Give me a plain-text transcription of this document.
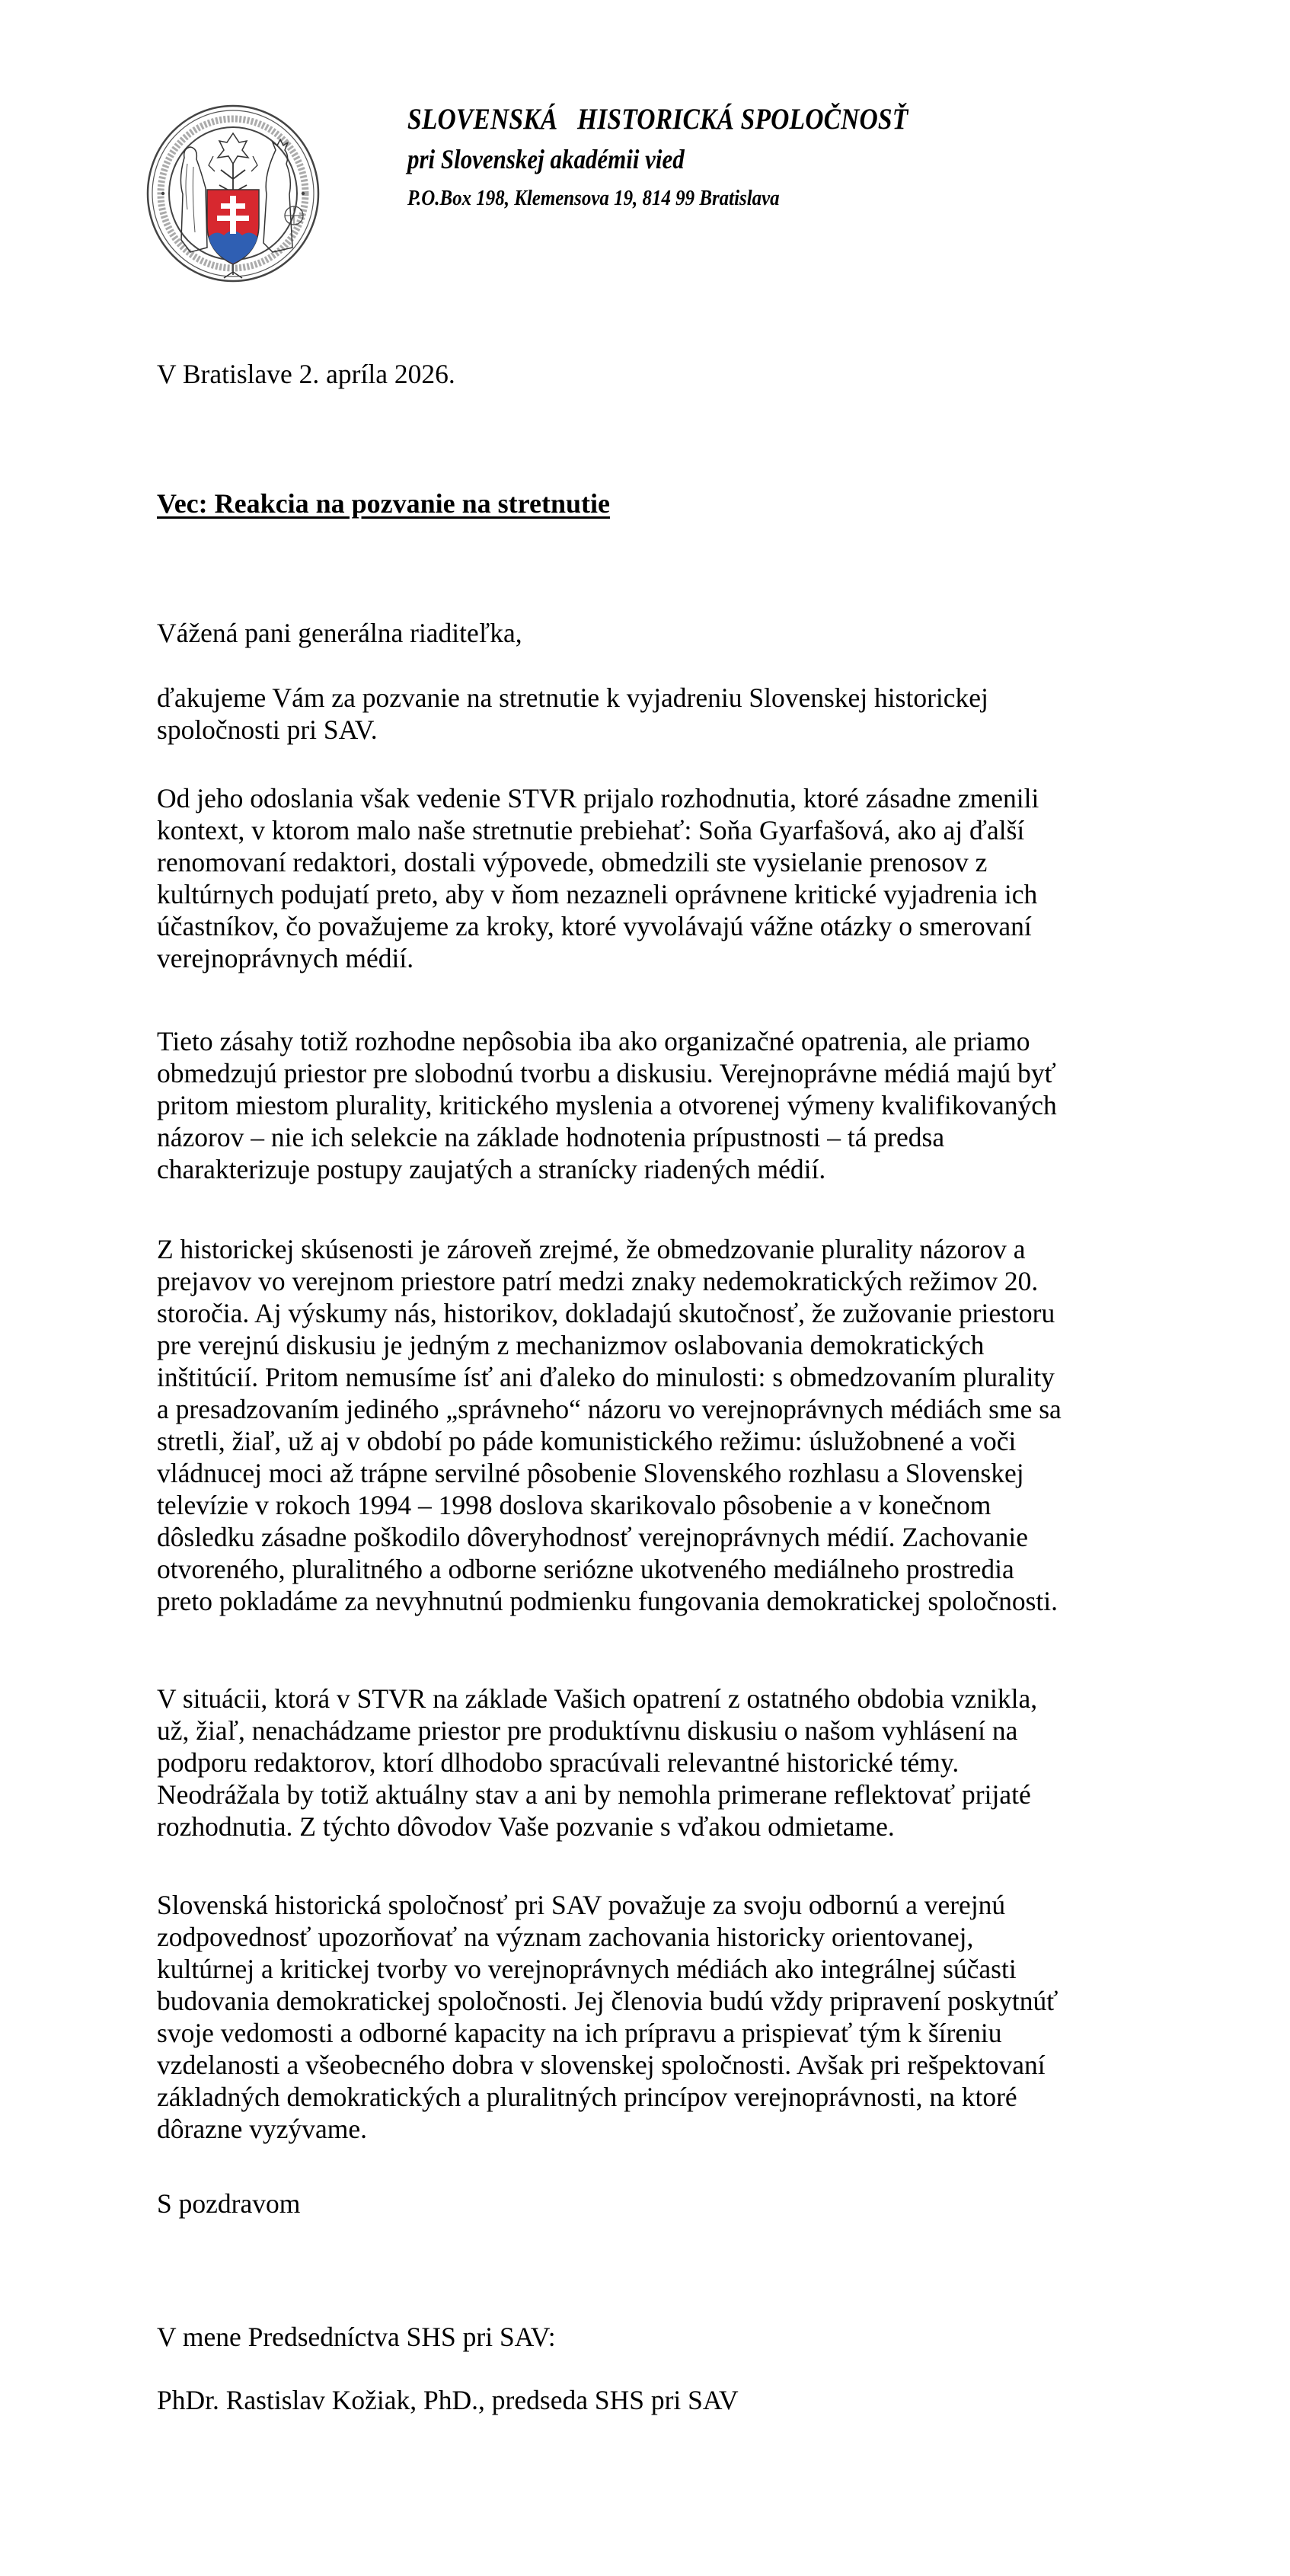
SLOVENSKÁ   HISTORICKÁ SPOLOČNOSŤ
pri Slovenskej akadémii vied
P.O.Box 198, Klemensova 19, 814 99 Bratislava
V Bratislave 2. apríla 2026.
Vec: Reakcia na pozvanie na stretnutie
Vážená pani generálna riaditeľka,
ďakujeme Vám za pozvanie na stretnutie k vyjadreniu Slovenskej historickej
spoločnosti pri SAV.
Od jeho odoslania však vedenie STVR prijalo rozhodnutia, ktoré zásadne zmenili
kontext, v ktorom malo naše stretnutie prebiehať: Soňa Gyarfašová, ako aj ďalší
renomovaní redaktori, dostali výpovede, obmedzili ste vysielanie prenosov z
kultúrnych podujatí preto, aby v ňom nezazneli oprávnene kritické vyjadrenia ich
účastníkov, čo považujeme za kroky, ktoré vyvolávajú vážne otázky o smerovaní
verejnoprávnych médií.
Tieto zásahy totiž rozhodne nepôsobia iba ako organizačné opatrenia, ale priamo
obmedzujú priestor pre slobodnú tvorbu a diskusiu. Verejnoprávne médiá majú byť
pritom miestom plurality, kritického myslenia a otvorenej výmeny kvalifikovaných
názorov – nie ich selekcie na základe hodnotenia prípustnosti – tá predsa
charakterizuje postupy zaujatých a stranícky riadených médií.
Z historickej skúsenosti je zároveň zrejmé, že obmedzovanie plurality názorov a
prejavov vo verejnom priestore patrí medzi znaky nedemokratických režimov 20.
storočia. Aj výskumy nás, historikov, dokladajú skutočnosť, že zužovanie priestoru
pre verejnú diskusiu je jedným z mechanizmov oslabovania demokratických
inštitúcií. Pritom nemusíme ísť ani ďaleko do minulosti: s obmedzovaním plurality
a presadzovaním jediného „správneho“ názoru vo verejnoprávnych médiách sme sa
stretli, žiaľ, už aj v období po páde komunistického režimu: úslužobnené a voči
vládnucej moci až trápne servilné pôsobenie Slovenského rozhlasu a Slovenskej
televízie v rokoch 1994 – 1998 doslova skarikovalo pôsobenie a v konečnom
dôsledku zásadne poškodilo dôveryhodnosť verejnoprávnych médií. Zachovanie
otvoreného, pluralitného a odborne seriózne ukotveného mediálneho prostredia
preto pokladáme za nevyhnutnú podmienku fungovania demokratickej spoločnosti.
V situácii, ktorá v STVR na základe Vašich opatrení z ostatného obdobia vznikla,
už, žiaľ, nenachádzame priestor pre produktívnu diskusiu o našom vyhlásení na
podporu redaktorov, ktorí dlhodobo spracúvali relevantné historické témy.
Neodrážala by totiž aktuálny stav a ani by nemohla primerane reflektovať prijaté
rozhodnutia. Z týchto dôvodov Vaše pozvanie s vďakou odmietame.
Slovenská historická spoločnosť pri SAV považuje za svoju odbornú a verejnú
zodpovednosť upozorňovať na význam zachovania historicky orientovanej,
kultúrnej a kritickej tvorby vo verejnoprávnych médiách ako integrálnej súčasti
budovania demokratickej spoločnosti. Jej členovia budú vždy pripravení poskytnúť
svoje vedomosti a odborné kapacity na ich prípravu a prispievať tým k šíreniu
vzdelanosti a všeobecného dobra v slovenskej spoločnosti. Avšak pri rešpektovaní
základných demokratických a pluralitných princípov verejnoprávnosti, na ktoré
dôrazne vyzývame.
S pozdravom
V mene Predsedníctva SHS pri SAV:
PhDr. Rastislav Kožiak, PhD., predseda SHS pri SAV
